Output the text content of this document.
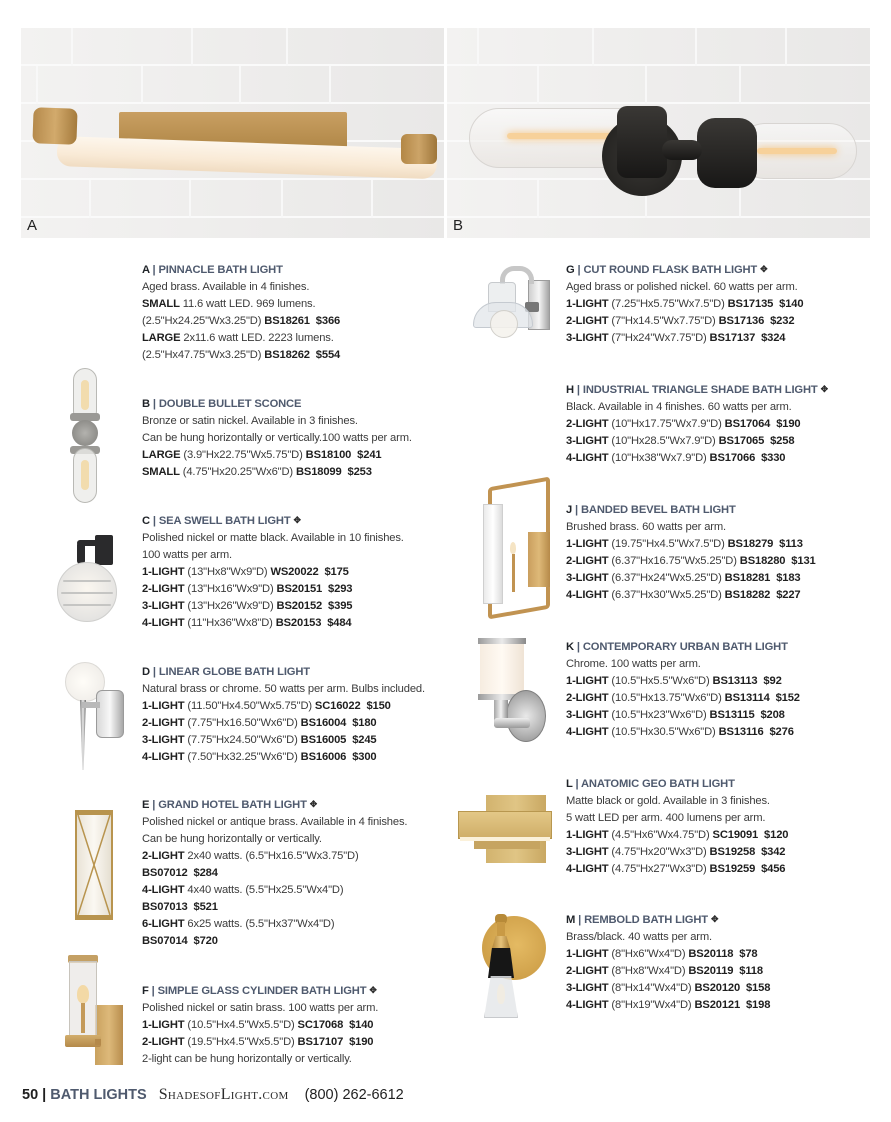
A	B
A | PINNACLE BATH LIGHT
Aged brass. Available in 4 finishes.
SMALL 11.6 watt LED. 969 lumens.
(2.5"Hx24.25"Wx3.25"D) BS18261 $366
LARGE 2x11.6 watt LED. 2223 lumens.
(2.5"Hx47.75"Wx3.25"D) BS18262 $554
B | DOUBLE BULLET SCONCE
Bronze or satin nickel. Available in 3 finishes.
Can be hung horizontally or vertically.100 watts per arm.
LARGE (3.9"Hx22.75"Wx5.75"D) BS18100 $241
SMALL (4.75"Hx20.25"Wx6"D) BS18099 $253
C | SEA SWELL BATH LIGHT ✥
Polished nickel or matte black. Available in 10 finishes.
100 watts per arm.
1-LIGHT (13"Hx8"Wx9"D) WS20022 $175
2-LIGHT (13"Hx16"Wx9"D) BS20151 $293
3-LIGHT (13"Hx26"Wx9"D) BS20152 $395
4-LIGHT (11"Hx36"Wx8"D) BS20153 $484
D | LINEAR GLOBE BATH LIGHT
Natural brass or chrome. 50 watts per arm. Bulbs included.
1-LIGHT (11.50"Hx4.50"Wx5.75"D) SC16022 $150
2-LIGHT (7.75"Hx16.50"Wx6"D) BS16004 $180
3-LIGHT (7.75"Hx24.50"Wx6"D) BS16005 $245
4-LIGHT (7.50"Hx32.25"Wx6"D) BS16006 $300
E | GRAND HOTEL BATH LIGHT ✥
Polished nickel or antique brass. Available in 4 finishes.
Can be hung horizontally or vertically.
2-LIGHT 2x40 watts. (6.5"Hx16.5"Wx3.75"D)
BS07012 $284
4-LIGHT 4x40 watts. (5.5"Hx25.5"Wx4"D)
BS07013 $521
6-LIGHT 6x25 watts. (5.5"Hx37"Wx4"D)
BS07014 $720
F | SIMPLE GLASS CYLINDER BATH LIGHT ✥
Polished nickel or satin brass. 100 watts per arm.
1-LIGHT (10.5"Hx4.5"Wx5.5"D) SC17068 $140
2-LIGHT (19.5"Hx4.5"Wx5.5"D) BS17107 $190
2-light can be hung horizontally or vertically.
G | CUT ROUND FLASK BATH LIGHT ✥
Aged brass or polished nickel. 60 watts per arm.
1-LIGHT (7.25"Hx5.75"Wx7.5"D) BS17135 $140
2-LIGHT (7"Hx14.5"Wx7.75"D) BS17136 $232
3-LIGHT (7"Hx24"Wx7.75"D) BS17137 $324
H | INDUSTRIAL TRIANGLE SHADE BATH LIGHT ✥
Black. Available in 4 finishes. 60 watts per arm.
2-LIGHT (10"Hx17.75"Wx7.9"D) BS17064 $190
3-LIGHT (10"Hx28.5"Wx7.9"D) BS17065 $258
4-LIGHT (10"Hx38"Wx7.9"D) BS17066 $330
J | BANDED BEVEL BATH LIGHT
Brushed brass. 60 watts per arm.
1-LIGHT (19.75"Hx4.5"Wx7.5"D) BS18279 $113
2-LIGHT (6.37"Hx16.75"Wx5.25"D) BS18280 $131
3-LIGHT (6.37"Hx24"Wx5.25"D) BS18281 $183
4-LIGHT (6.37"Hx30"Wx5.25"D) BS18282 $227
K | CONTEMPORARY URBAN BATH LIGHT
Chrome. 100 watts per arm.
1-LIGHT (10.5"Hx5.5"Wx6"D) BS13113 $92
2-LIGHT (10.5"Hx13.75"Wx6"D) BS13114 $152
3-LIGHT (10.5"Hx23"Wx6"D) BS13115 $208
4-LIGHT (10.5"Hx30.5"Wx6"D) BS13116 $276
L | ANATOMIC GEO BATH LIGHT
Matte black or gold. Available in 3 finishes.
5 watt LED per arm. 400 lumens per arm.
1-LIGHT (4.5"Hx6"Wx4.75"D) SC19091 $120
3-LIGHT (4.75"Hx20"Wx3"D) BS19258 $342
4-LIGHT (4.75"Hx27"Wx3"D) BS19259 $456
M | REMBOLD BATH LIGHT ✥
Brass/black. 40 watts per arm.
1-LIGHT (8"Hx6"Wx4"D) BS20118 $78
2-LIGHT (8"Hx8"Wx4"D) BS20119 $118
3-LIGHT (8"Hx14"Wx4"D) BS20120 $158
4-LIGHT (8"Hx19"Wx4"D) BS20121 $198
50 | BATH LIGHTS ShadesofLight.com (800) 262-6612
